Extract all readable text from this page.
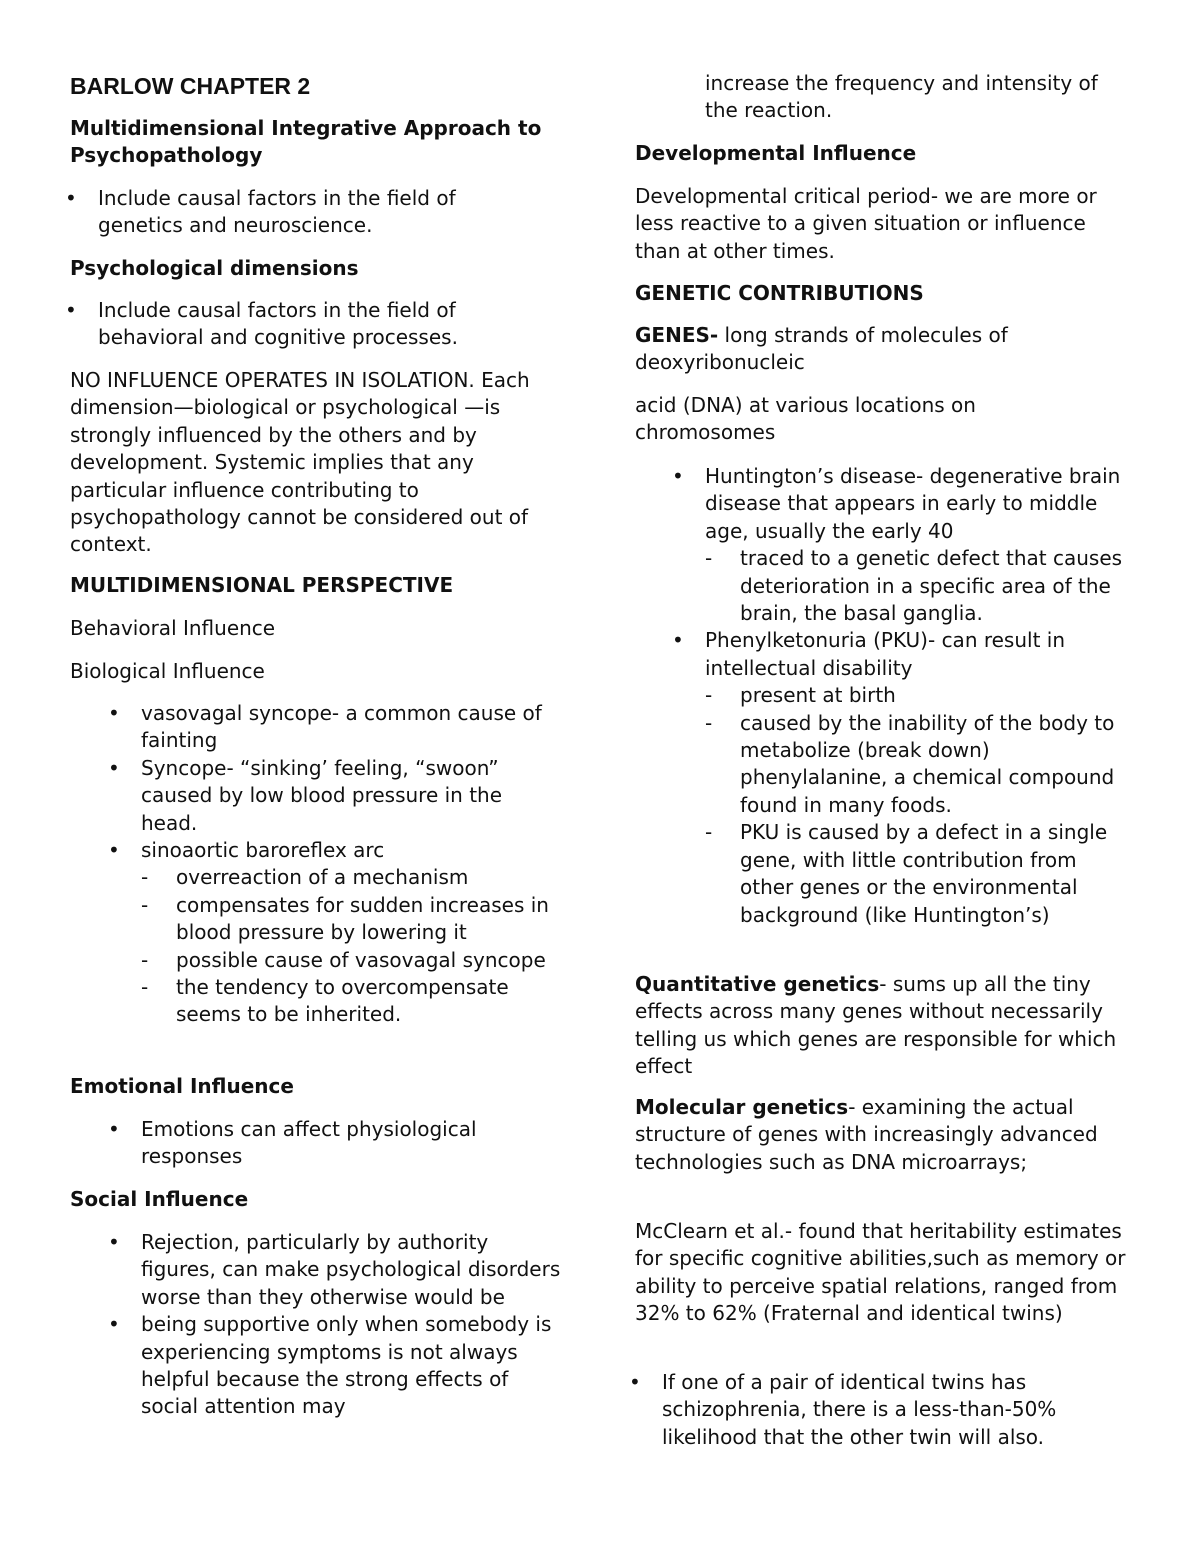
BARLOW CHAPTER 2
Multidimensional Integrative Approach to Psychopathology
• Include causal factors in the field of genetics and neuroscience.
Psychological dimensions
• Include causal factors in the field of behavioral and cognitive processes.
NO INFLUENCE OPERATES IN ISOLATION. Each dimension—biological or psychological —is strongly influenced by the others and by development. Systemic implies that any particular influence contributing to psychopathology cannot be considered out of context.
MULTIDIMENSIONAL PERSPECTIVE
Behavioral Influence
Biological Influence
• vasovagal syncope- a common cause of fainting
• Syncope- “sinking’ feeling, “swoon” caused by low blood pressure in the head.
• sinoaortic baroreflex arc
- overreaction of a mechanism
- compensates for sudden increases in blood pressure by lowering it
- possible cause of vasovagal syncope
- the tendency to overcompensate seems to be inherited.
Emotional Influence
• Emotions can affect physiological responses
Social Influence
• Rejection, particularly by authority figures, can make psychological disorders worse than they otherwise would be
• being supportive only when somebody is experiencing symptoms is not always helpful because the strong effects of social attention may
increase the frequency and intensity of the reaction.
Developmental Influence
Developmental critical period- we are more or less reactive to a given situation or influence than at other times.
GENETIC CONTRIBUTIONS
GENES- long strands of molecules of deoxyribonucleic
acid (DNA) at various locations on chromosomes
• Huntington’s disease- degenerative brain disease that appears in early to middle age, usually the early 40
- traced to a genetic defect that causes deterioration in a specific area of the brain, the basal ganglia.
• Phenylketonuria (PKU)- can result in intellectual disability
- present at birth
- caused by the inability of the body to metabolize (break down) phenylalanine, a chemical compound found in many foods.
- PKU is caused by a defect in a single gene, with little contribution from other genes or the environmental background (like Huntington’s)
Quantitative genetics- sums up all the tiny effects across many genes without necessarily telling us which genes are responsible for which effect
Molecular genetics- examining the actual structure of genes with increasingly advanced technologies such as DNA microarrays;
McClearn et al.- found that heritability estimates for specific cognitive abilities,such as memory or ability to perceive spatial relations, ranged from 32% to 62% (Fraternal and identical twins)
• If one of a pair of identical twins has schizophrenia, there is a less-than-50% likelihood that the other twin will also.
